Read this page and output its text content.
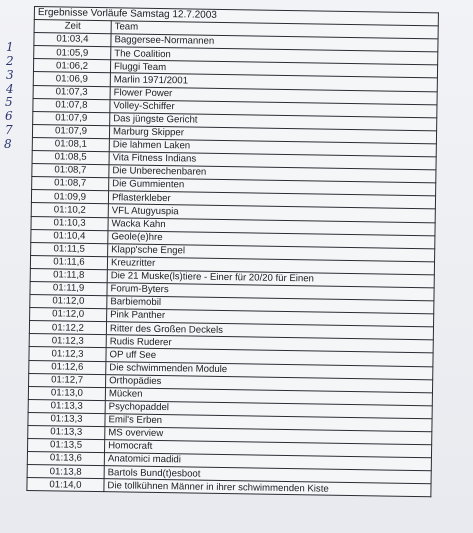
1
2
3
4
5
6
7
8
Ergebnisse Vorläufe Samstag 12.7.2003	
Zeit	Team
01:03,4	Baggersee-Normannen
01:05,9	The Coalition
01:06,2	Fluggi Team
01:06,9	Marlin 1971/2001
01:07,3	Flower Power
01:07,8	Volley-Schiffer
01:07,9	Das jüngste Gericht
01:07,9	Marburg Skipper
01:08,1	Die lahmen Laken
01:08,5	Vita Fitness Indians
01:08,7	Die Unberechenbaren
01:08,7	Die Gummienten
01:09,9	Pflasterkleber
01:10,2	VFL Atugyuspia
01:10,3	Wacka Kahn
01:10,4	Geole(e)hre
01:11,5	Klapp'sche Engel
01:11,6	Kreuzritter
01:11,8	Die 21 Muske(ls)tiere - Einer für 20/20 für Einen
01:11,9	Forum-Byters
01:12,0	Barbiemobil
01:12,0	Pink Panther
01:12,2	Ritter des Großen Deckels
01:12,3	Rudis Ruderer
01:12,3	OP uff See
01:12,6	Die schwimmenden Module
01:12,7	Orthopädies
01:13,0	Mücken
01:13,3	Psychopaddel
01:13,3	Emil's Erben
01:13,3	MS overview
01:13,5	Homocraft
01:13,6	Anatomici madidi
01:13,8	Bartols Bund(t)esboot
01:14,0	Die tollkühnen Männer in ihrer schwimmenden Kiste
